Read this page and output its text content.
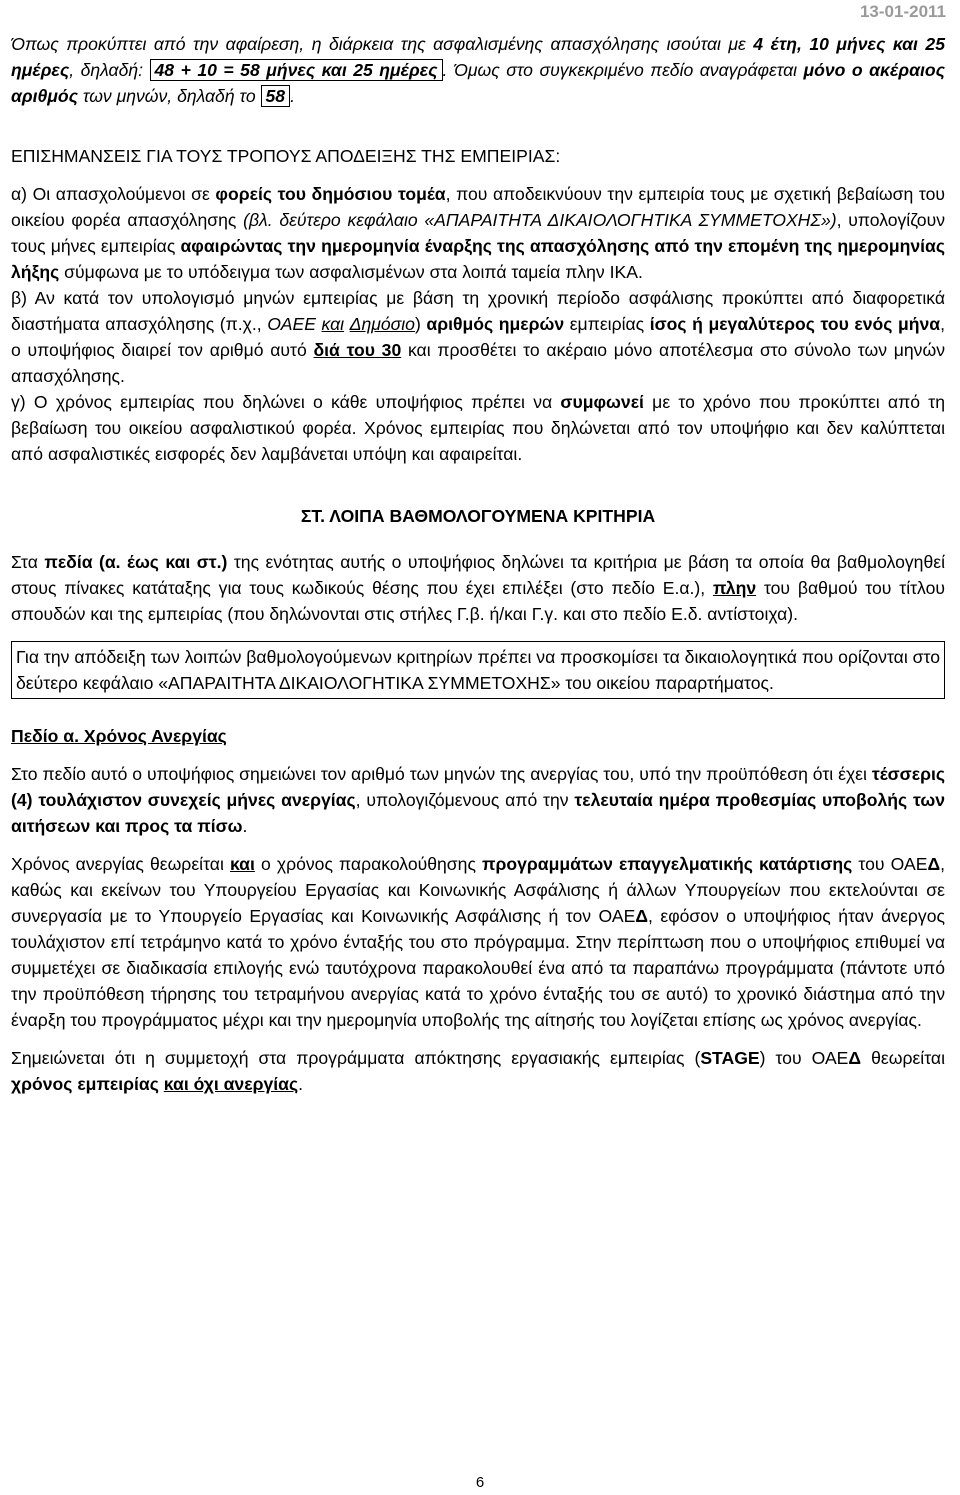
13-01-2011

Όπως προκύπτει από την αφαίρεση, η διάρκεια της ασφαλισμένης απασχόλησης ισούται με 4 έτη, 10 μήνες και 25 ημέρες, δηλαδή: 48 + 10 = 58 μήνες και 25 ημέρες . Όμως στο συγκεκριμένο πεδίο αναγράφεται μόνο ο ακέραιος αριθμός των μηνών, δηλαδή το 58 .

ΕΠΙΣΗΜΑΝΣΕΙΣ ΓΙΑ ΤΟΥΣ ΤΡΟΠΟΥΣ ΑΠΟΔΕΙΞΗΣ ΤΗΣ ΕΜΠΕΙΡΙΑΣ:

α) Οι απασχολούμενοι σε φορείς του δημόσιου τομέα, που αποδεικνύουν την εμπειρία τους με σχετική βεβαίωση του οικείου φορέα απασχόλησης (βλ. δεύτερο κεφάλαιο «ΑΠΑΡΑΙΤΗΤΑ ΔΙΚΑΙΟΛΟΓΗΤΙΚΑ ΣΥΜΜΕΤΟΧΗΣ»), υπολογίζουν τους μήνες εμπειρίας αφαιρώντας την ημερομηνία έναρξης της απασχόλησης από την επομένη της ημερομηνίας λήξης σύμφωνα με το υπόδειγμα των ασφαλισμένων στα λοιπά ταμεία πλην ΙΚΑ.

β) Αν κατά τον υπολογισμό μηνών εμπειρίας με βάση τη χρονική περίοδο ασφάλισης προκύπτει από διαφορετικά διαστήματα απασχόλησης (π.χ., ΟΑΕΕ και Δημόσιο) αριθμός ημερών εμπειρίας ίσος ή μεγαλύτερος του ενός μήνα, ο υποψήφιος διαιρεί τον αριθμό αυτό διά του 30 και προσθέτει το ακέραιο μόνο αποτέλεσμα στο σύνολο των μηνών απασχόλησης.

γ) Ο χρόνος εμπειρίας που δηλώνει ο κάθε υποψήφιος πρέπει να συμφωνεί με το χρόνο που προκύπτει από τη βεβαίωση του οικείου ασφαλιστικού φορέα. Χρόνος εμπειρίας που δηλώνεται από τον υποψήφιο και δεν καλύπτεται από ασφαλιστικές εισφορές δεν λαμβάνεται υπόψη και αφαιρείται.

ΣΤ. ΛΟΙΠΑ ΒΑΘΜΟΛΟΓΟΥΜΕΝΑ ΚΡΙΤΗΡΙΑ

Στα πεδία (α. έως και στ.) της ενότητας αυτής ο υποψήφιος δηλώνει τα κριτήρια με βάση τα οποία θα βαθμολογηθεί στους πίνακες κατάταξης για τους κωδικούς θέσης που έχει επιλέξει (στο πεδίο Ε.α.), πλην του βαθμού του τίτλου σπουδών και της εμπειρίας (που δηλώνονται στις στήλες Γ.β. ή/και Γ.γ. και στο πεδίο Ε.δ. αντίστοιχα).

Για την απόδειξη των λοιπών βαθμολογούμενων κριτηρίων πρέπει να προσκομίσει τα δικαιολογητικά που ορίζονται στο δεύτερο κεφάλαιο «ΑΠΑΡΑΙΤΗΤΑ ΔΙΚΑΙΟΛΟΓΗΤΙΚΑ ΣΥΜΜΕΤΟΧΗΣ» του οικείου παραρτήματος.

Πεδίο α. Χρόνος Ανεργίας

Στο πεδίο αυτό ο υποψήφιος σημειώνει τον αριθμό των μηνών της ανεργίας του, υπό την προϋπόθεση ότι έχει τέσσερις (4) τουλάχιστον συνεχείς μήνες ανεργίας, υπολογιζόμενους από την τελευταία ημέρα προθεσμίας υποβολής των αιτήσεων και προς τα πίσω.

Χρόνος ανεργίας θεωρείται και ο χρόνος παρακολούθησης προγραμμάτων επαγγελματικής κατάρτισης του ΟΑΕΔ, καθώς και εκείνων του Υπουργείου Εργασίας και Κοινωνικής Ασφάλισης ή άλλων Υπουργείων που εκτελούνται σε συνεργασία με το Υπουργείο Εργασίας και Κοινωνικής Ασφάλισης ή τον ΟΑΕΔ, εφόσον ο υποψήφιος ήταν άνεργος τουλάχιστον επί τετράμηνο κατά το χρόνο ένταξής του στο πρόγραμμα. Στην περίπτωση που ο υποψήφιος επιθυμεί να συμμετέχει σε διαδικασία επιλογής ενώ ταυτόχρονα παρακολουθεί ένα από τα παραπάνω προγράμματα (πάντοτε υπό την προϋπόθεση τήρησης του τετραμήνου ανεργίας κατά το χρόνο ένταξής του σε αυτό) το χρονικό διάστημα από την έναρξη του προγράμματος μέχρι και την ημερομηνία υποβολής της αίτησής του λογίζεται επίσης ως χρόνος ανεργίας.

Σημειώνεται ότι η συμμετοχή στα προγράμματα απόκτησης εργασιακής εμπειρίας (STAGE) του ΟΑΕΔ θεωρείται χρόνος εμπειρίας και όχι ανεργίας.

6
